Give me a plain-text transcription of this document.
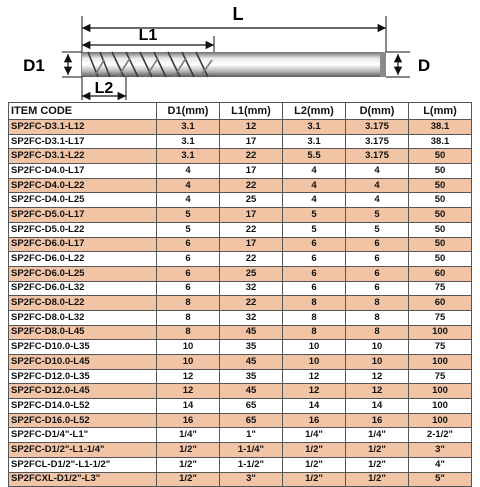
L
L1
D1	D
L2
ITEM CODE	D1(mm)	L1(mm)	L2(mm)	D(mm)	L(mm)
SP2FC-D3.1-L12	3.1	12	3.1	3.175	38.1
SP2FC-D3.1-L17	3.1	17	3.1	3.175	38.1
SP2FC-D3.1-L22	3.1	22	5.5	3.175	50
SP2FC-D4.0-L17	4	17	4	4	50
SP2FC-D4.0-L22	4	22	4	4	50
SP2FC-D4.0-L25	4	25	4	4	50
SP2FC-D5.0-L17	5	17	5	5	50
SP2FC-D5.0-L22	5	22	5	5	50
SP2FC-D6.0-L17	6	17	6	6	50
SP2FC-D6.0-L22	6	22	6	6	50
SP2FC-D6.0-L25	6	25	6	6	60
SP2FC-D6.0-L32	6	32	6	6	75
SP2FC-D8.0-L22	8	22	8	8	60
SP2FC-D8.0-L32	8	32	8	8	75
SP2FC-D8.0-L45	8	45	8	8	100
SP2FC-D10.0-L35	10	35	10	10	75
SP2FC-D10.0-L45	10	45	10	10	100
SP2FC-D12.0-L35	12	35	12	12	75
SP2FC-D12.0-L45	12	45	12	12	100
SP2FC-D14.0-L52	14	65	14	14	100
SP2FC-D16.0-L52	16	65	16	16	100
SP2FC-D1/4"-L1"	1/4"	1"	1/4"	1/4"	2-1/2"
SP2FC-D1/2"-L1-1/4"	1/2"	1-1/4"	1/2"	1/2"	3"
SP2FCL-D1/2"-L1-1/2"	1/2"	1-1/2"	1/2"	1/2"	4"
SP2FCXL-D1/2"-L3"	1/2"	3"	1/2"	1/2"	5"
